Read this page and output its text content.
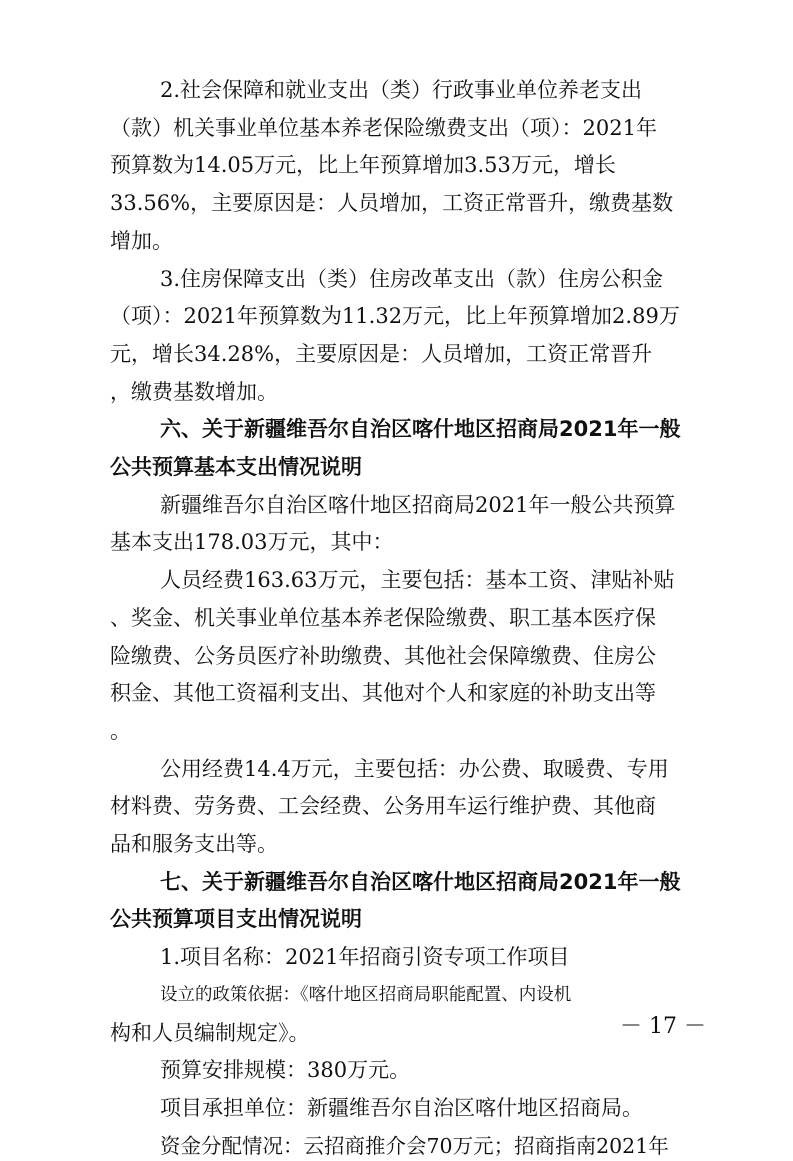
2.社会保障和就业支出（类）行政事业单位养老支出
（款）机关事业单位基本养老保险缴费支出（项）：2021年
预算数为14.05万元，比上年预算增加3.53万元，增长
33.56%，主要原因是：人员增加，工资正常晋升，缴费基数
增加。
3.住房保障支出（类）住房改革支出（款）住房公积金
（项）：2021年预算数为11.32万元，比上年预算增加2.89万
元，增长34.28%，主要原因是：人员增加，工资正常晋升
，缴费基数增加。
六、关于新疆维吾尔自治区喀什地区招商局2021年一般
公共预算基本支出情况说明
新疆维吾尔自治区喀什地区招商局2021年一般公共预算
基本支出178.03万元，其中：
人员经费163.63万元，主要包括：基本工资、津贴补贴
、奖金、机关事业单位基本养老保险缴费、职工基本医疗保
险缴费、公务员医疗补助缴费、其他社会保障缴费、住房公
积金、其他工资福利支出、其他对个人和家庭的补助支出等
。
公用经费14.4万元，主要包括：办公费、取暖费、专用
材料费、劳务费、工会经费、公务用车运行维护费、其他商
品和服务支出等。
七、关于新疆维吾尔自治区喀什地区招商局2021年一般
公共预算项目支出情况说明
1.项目名称：2021年招商引资专项工作项目
设立的政策依据：《喀什地区招商局职能配置、内设机
构和人员编制规定》。
预算安排规模：380万元。
项目承担单位：新疆维吾尔自治区喀什地区招商局。
资金分配情况：云招商推介会70万元；招商指南2021年
－ 17 －
